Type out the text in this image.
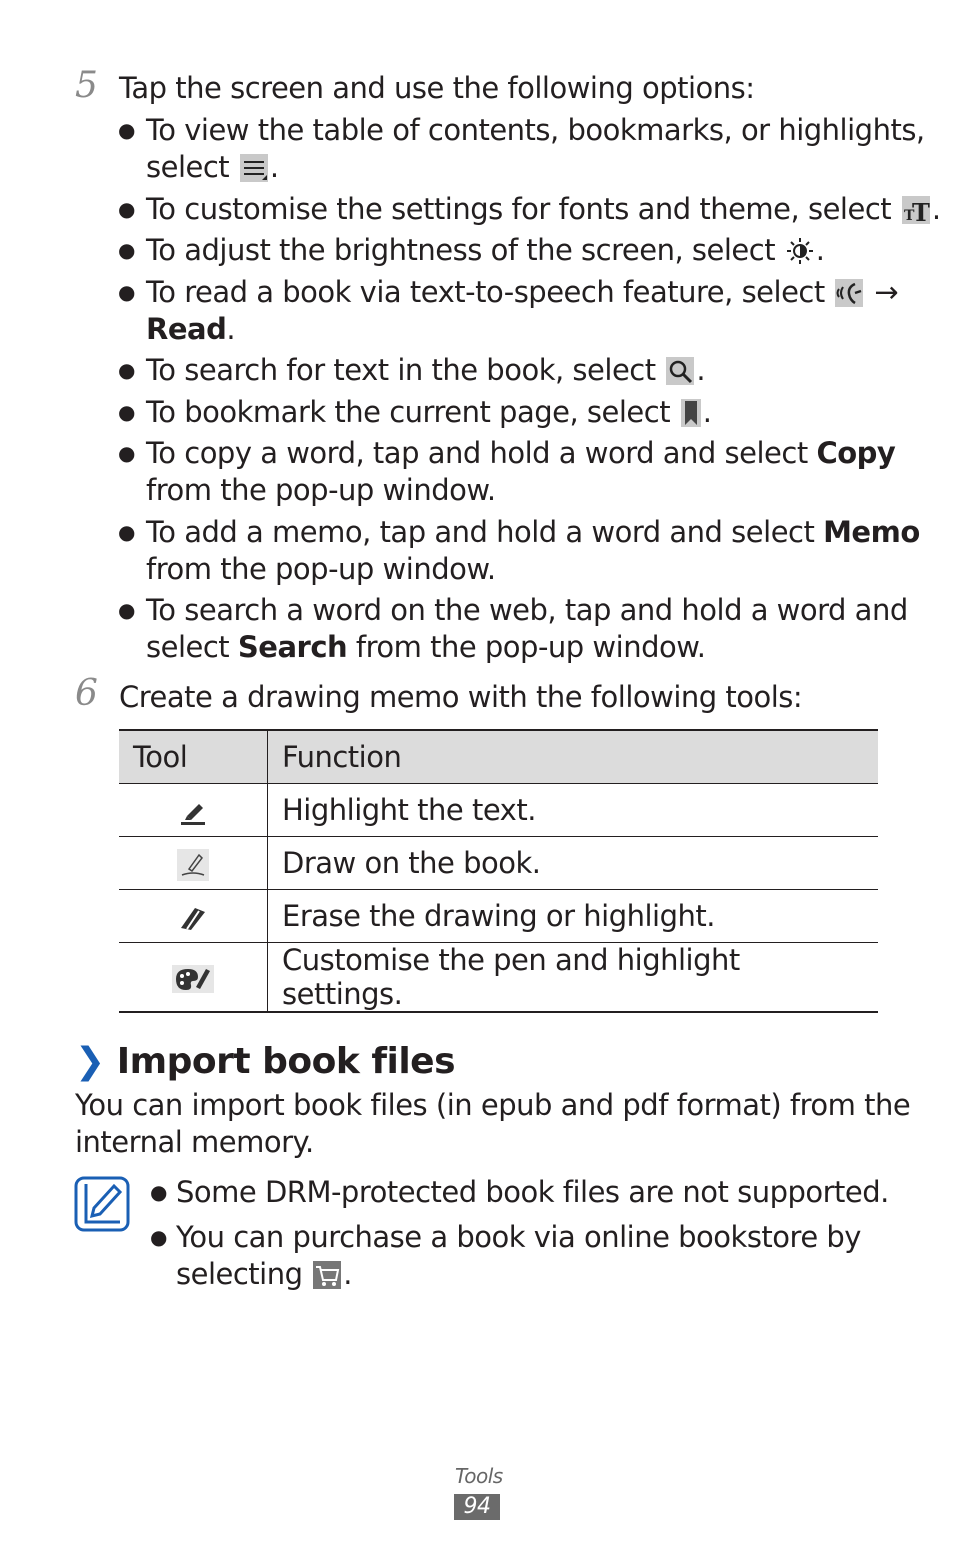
5 Tap the screen and use the following options:
● To view the table of contents, bookmarks, or highlights,
select .
● To customise the settings for fonts and theme, select T
T .
● To adjust the brightness of the screen, select .
● To read a book via text-to-speech feature, select →
Read.
● To search for text in the book, select .
● To bookmark the current page, select .
● To copy a word, tap and hold a word and select Copy
from the pop-up window.
● To add a memo, tap and hold a word and select Memo
from the pop-up window.
● To search a word on the web, tap and hold a word and
select Search from the pop-up window.
6 Create a drawing memo with the following tools:
Tool	Function
	Highlight the text.
	Draw on the book.
	Erase the drawing or highlight.
	Customise the pen and highlight settings.
❯ Import book files
You can import book files (in epub and pdf format) from the
internal memory.
● Some DRM-protected book files are not supported.
● You can purchase a book via online bookstore by
selecting .
Tools
94
